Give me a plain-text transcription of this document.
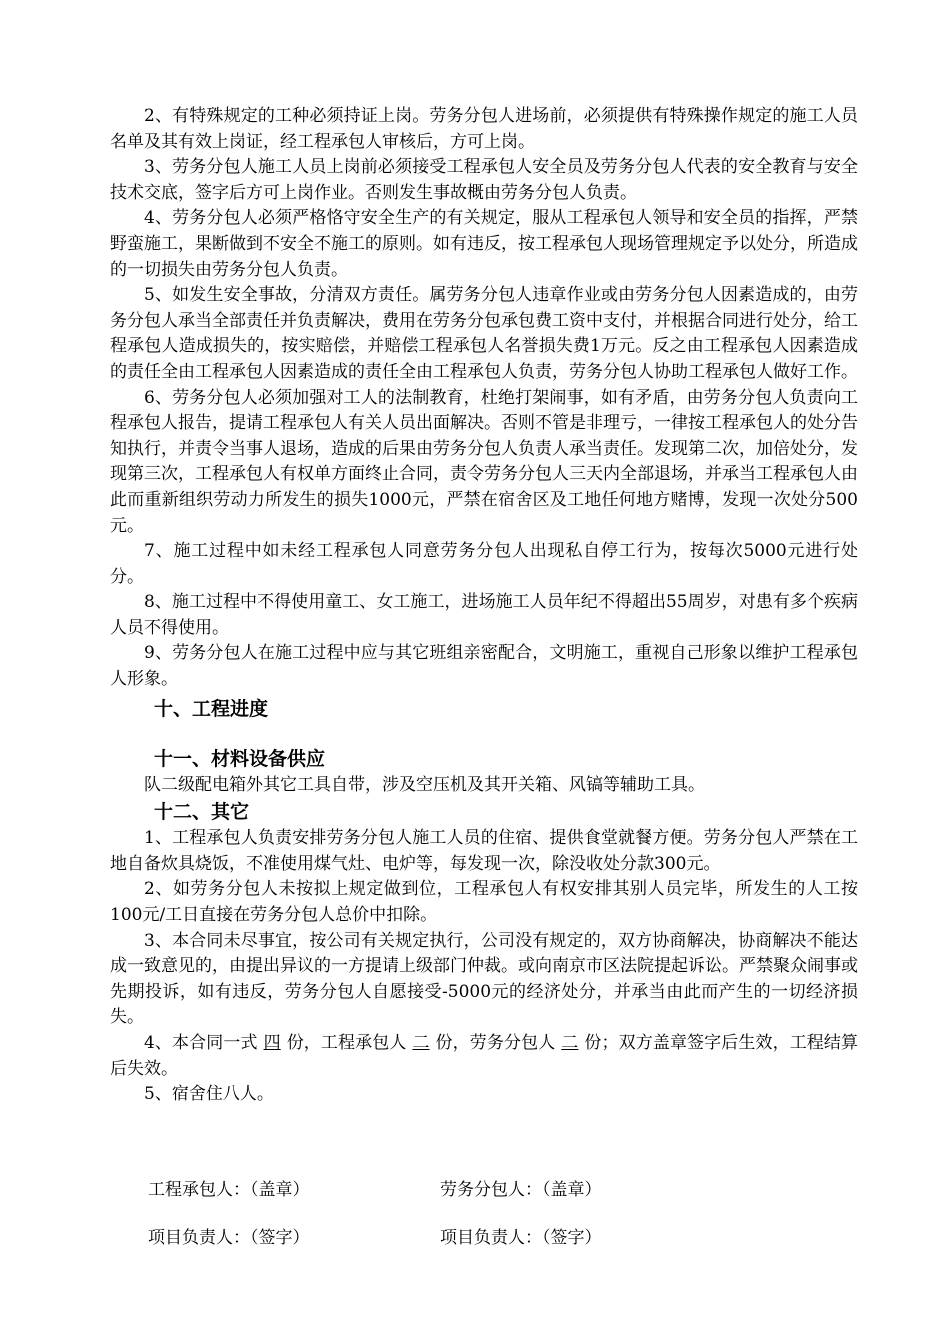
2、有特殊规定的工种必须持证上岗。劳务分包人进场前，必须提供有特殊操作规定的施工人员名单及其有效上岗证，经工程承包人审核后，方可上岗。

3、劳务分包人施工人员上岗前必须接受工程承包人安全员及劳务分包人代表的安全教育与安全技术交底，签字后方可上岗作业。否则发生事故概由劳务分包人负责。

4、劳务分包人必须严格恪守安全生产的有关规定，服从工程承包人领导和安全员的指挥，严禁野蛮施工，果断做到不安全不施工的原则。如有违反，按工程承包人现场管理规定予以处分，所造成的一切损失由劳务分包人负责。

5、如发生安全事故，分清双方责任。属劳务分包人违章作业或由劳务分包人因素造成的，由劳务分包人承当全部责任并负责解决，费用在劳务分包承包费工资中支付，并根据合同进行处分，给工程承包人造成损失的，按实赔偿，并赔偿工程承包人名誉损失费1万元。反之由工程承包人因素造成的责任全由工程承包人因素造成的责任全由工程承包人负责，劳务分包人协助工程承包人做好工作。

6、劳务分包人必须加强对工人的法制教育，杜绝打架闹事，如有矛盾，由劳务分包人负责向工程承包人报告，提请工程承包人有关人员出面解决。否则不管是非理亏，一律按工程承包人的处分告知执行，并责令当事人退场，造成的后果由劳务分包人负责人承当责任。发现第二次，加倍处分，发现第三次，工程承包人有权单方面终止合同，责令劳务分包人三天内全部退场，并承当工程承包人由此而重新组织劳动力所发生的损失1000元，严禁在宿舍区及工地任何地方赌博，发现一次处分500元。

7、施工过程中如未经工程承包人同意劳务分包人出现私自停工行为，按每次5000元进行处分。

8、施工过程中不得使用童工、女工施工，进场施工人员年纪不得超出55周岁，对患有多个疾病人员不得使用。

9、劳务分包人在施工过程中应与其它班组亲密配合，文明施工，重视自己形象以维护工程承包人形象。

十、工程进度
十一、材料设备供应

队二级配电箱外其它工具自带，涉及空压机及其开关箱、风镐等辅助工具。

十二、其它

1、工程承包人负责安排劳务分包人施工人员的住宿、提供食堂就餐方便。劳务分包人严禁在工地自备炊具烧饭，不准使用煤气灶、电炉等，每发现一次，除没收处分款300元。

2、如劳务分包人未按拟上规定做到位，工程承包人有权安排其别人员完毕，所发生的人工按100元/工日直接在劳务分包人总价中扣除。

3、本合同未尽事宜，按公司有关规定执行，公司没有规定的，双方协商解决，协商解决不能达成一致意见的，由提出异议的一方提请上级部门仲裁。或向南京市区法院提起诉讼。严禁聚众闹事或先期投诉，如有违反，劳务分包人自愿接受-5000元的经济处分，并承当由此而产生的一切经济损失。

4、本合同一式 四 份，工程承包人 二 份，劳务分包人 二 份；双方盖章签字后生效，工程结算后失效。

5、宿舍住八人。

工程承包人：（盖章）	劳务分包人：（盖章）
项目负责人：（签字）	项目负责人：（签字）
